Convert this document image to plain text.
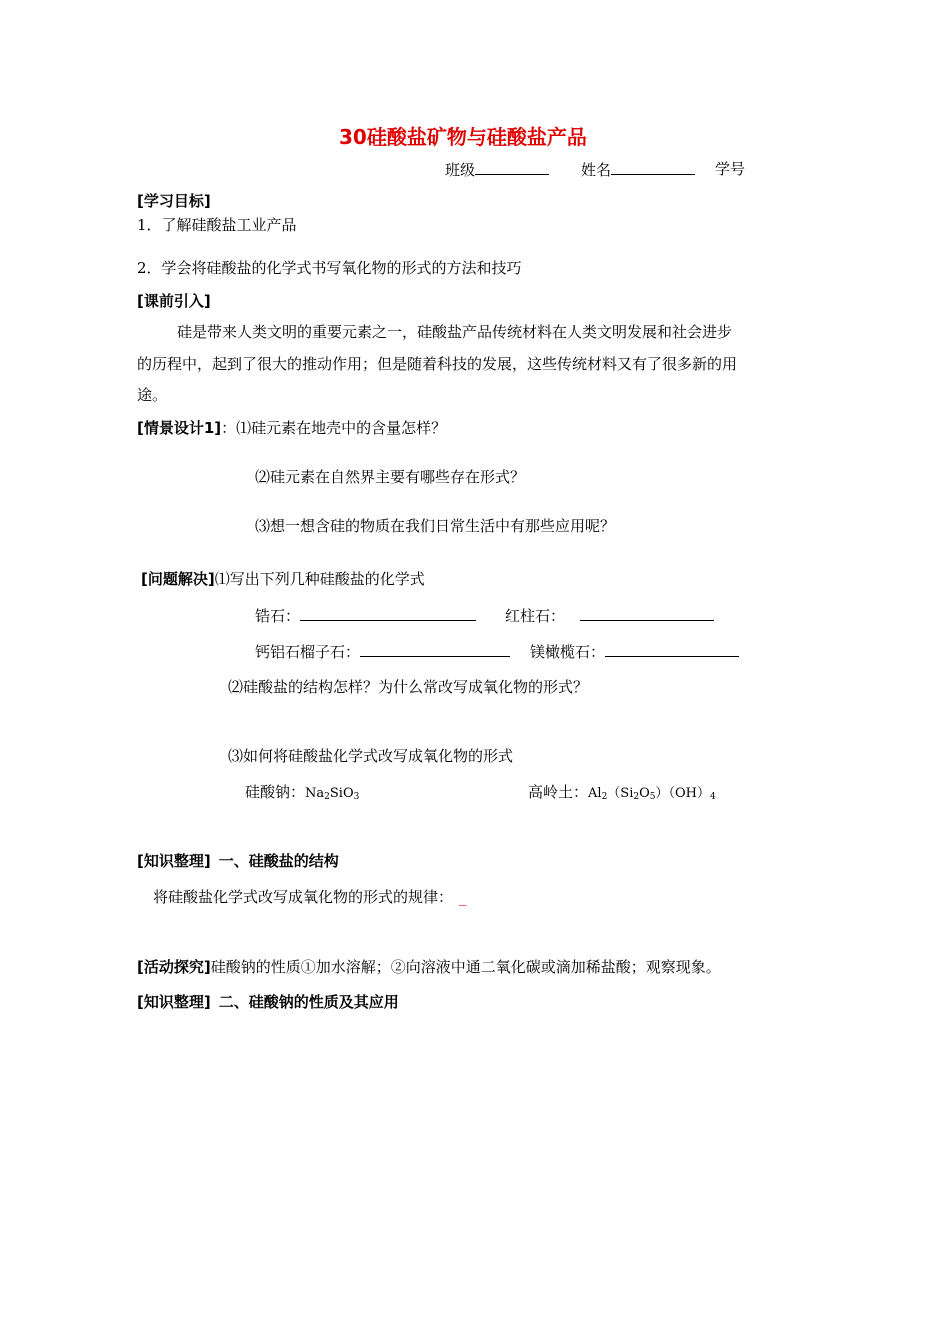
30硅酸盐矿物与硅酸盐产品
班级	姓名	学号
[学习目标]
1．了解硅酸盐工业产品
2．学会将硅酸盐的化学式书写氧化物的形式的方法和技巧
[课前引入]
硅是带来人类文明的重要元素之一，硅酸盐产品传统材料在人类文明发展和社会进步
的历程中，起到了很大的推动作用；但是随着科技的发展，这些传统材料又有了很多新的用
途。
[情景设计1]：⑴硅元素在地壳中的含量怎样？
⑵硅元素在自然界主要有哪些存在形式？
⑶想一想含硅的物质在我们日常生活中有那些应用呢？
[问题解决]⑴写出下列几种硅酸盐的化学式
锆石：	红柱石：
钙铝石榴子石：	镁橄榄石：
⑵硅酸盐的结构怎样？为什么常改写成氧化物的形式？
⑶如何将硅酸盐化学式改写成氧化物的形式
硅酸钠：$Na_2SiO_3$	高岭土：$Al_2(Si_2O_5)(OH)_4$
[知识整理] 一、硅酸盐的结构
将硅酸盐化学式改写成氧化物的形式的规律： _
[活动探究]硅酸钠的性质①加水溶解；②向溶液中通二氧化碳或滴加稀盐酸；观察现象。
[知识整理] 二、硅酸钠的性质及其应用
